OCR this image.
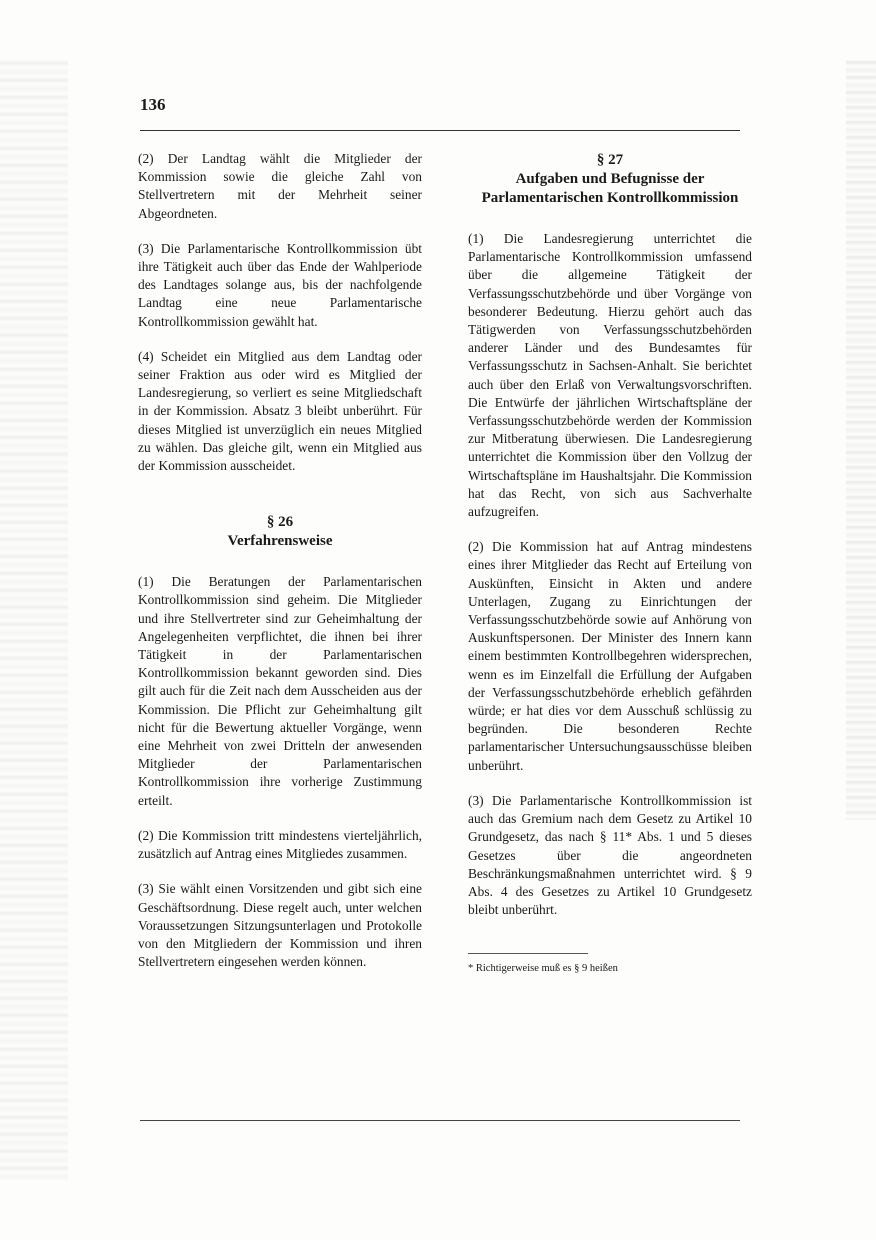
136

(2) Der Landtag wählt die Mitglieder der Kommission sowie die gleiche Zahl von Stellvertretern mit der Mehrheit seiner Abgeordneten.

(3) Die Parlamentarische Kontrollkommission übt ihre Tätigkeit auch über das Ende der Wahlperiode des Landtages solange aus, bis der nachfolgende Landtag eine neue Parlamentarische Kontrollkommission gewählt hat.

(4) Scheidet ein Mitglied aus dem Landtag oder seiner Fraktion aus oder wird es Mitglied der Landesregierung, so verliert es seine Mitgliedschaft in der Kommission. Absatz 3 bleibt unberührt. Für dieses Mitglied ist unverzüglich ein neues Mitglied zu wählen. Das gleiche gilt, wenn ein Mitglied aus der Kommission ausscheidet.

§ 26
Verfahrensweise

(1) Die Beratungen der Parlamentarischen Kontrollkommission sind geheim. Die Mitglieder und ihre Stellvertreter sind zur Geheimhaltung der Angelegenheiten verpflichtet, die ihnen bei ihrer Tätigkeit in der Parlamentarischen Kontrollkommission bekannt geworden sind. Dies gilt auch für die Zeit nach dem Ausscheiden aus der Kommission. Die Pflicht zur Geheimhaltung gilt nicht für die Bewertung aktueller Vorgänge, wenn eine Mehrheit von zwei Dritteln der anwesenden Mitglieder der Parlamentarischen Kontrollkommission ihre vorherige Zustimmung erteilt.

(2) Die Kommission tritt mindestens vierteljährlich, zusätzlich auf Antrag eines Mitgliedes zusammen.

(3) Sie wählt einen Vorsitzenden und gibt sich eine Geschäftsordnung. Diese regelt auch, unter welchen Voraussetzungen Sitzungsunterlagen und Protokolle von den Mitgliedern der Kommission und ihren Stellvertretern eingesehen werden können.

§ 27
Aufgaben und Befugnisse der Parlamentarischen Kontrollkommission

(1) Die Landesregierung unterrichtet die Parlamentarische Kontrollkommission umfassend über die allgemeine Tätigkeit der Verfassungsschutzbehörde und über Vorgänge von besonderer Bedeutung. Hierzu gehört auch das Tätigwerden von Verfassungsschutzbehörden anderer Länder und des Bundesamtes für Verfassungsschutz in Sachsen-Anhalt. Sie berichtet auch über den Erlaß von Verwaltungsvorschriften. Die Entwürfe der jährlichen Wirtschaftspläne der Verfassungsschutzbehörde werden der Kommission zur Mitberatung überwiesen. Die Landesregierung unterrichtet die Kommission über den Vollzug der Wirtschaftspläne im Haushaltsjahr. Die Kommission hat das Recht, von sich aus Sachverhalte aufzugreifen.

(2) Die Kommission hat auf Antrag mindestens eines ihrer Mitglieder das Recht auf Erteilung von Auskünften, Einsicht in Akten und andere Unterlagen, Zugang zu Einrichtungen der Verfassungsschutzbehörde sowie auf Anhörung von Auskunftspersonen. Der Minister des Innern kann einem bestimmten Kontrollbegehren widersprechen, wenn es im Einzelfall die Erfüllung der Aufgaben der Verfassungsschutzbehörde erheblich gefährden würde; er hat dies vor dem Ausschuß schlüssig zu begründen. Die besonderen Rechte parlamentarischer Untersuchungsausschüsse bleiben unberührt.

(3) Die Parlamentarische Kontrollkommission ist auch das Gremium nach dem Gesetz zu Artikel 10 Grundgesetz, das nach § 11* Abs. 1 und 5 dieses Gesetzes über die angeordneten Beschränkungsmaßnahmen unterrichtet wird. § 9 Abs. 4 des Gesetzes zu Artikel 10 Grundgesetz bleibt unberührt.

* Richtigerweise muß es § 9 heißen
